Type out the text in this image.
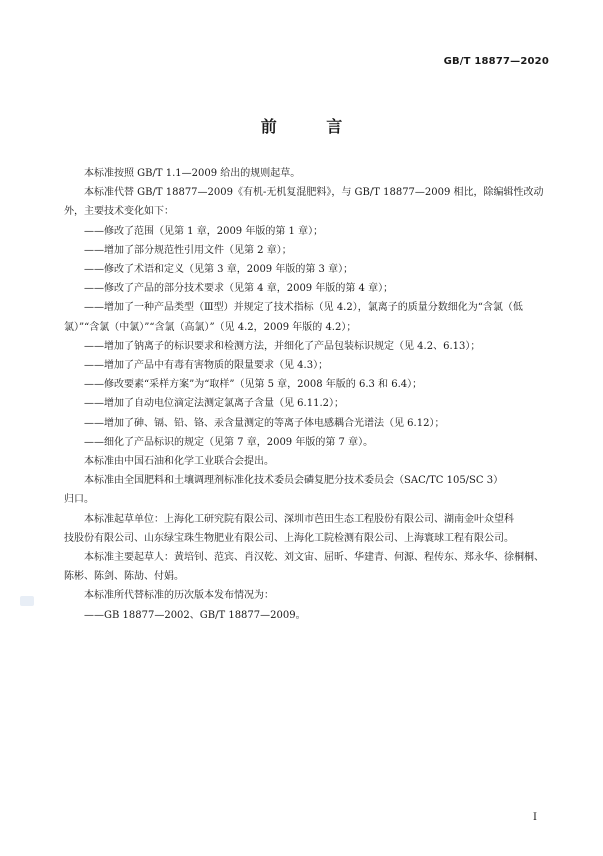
GB/T 18877—2020
前 言

本标准按照 GB/T 1.1—2009 给出的规则起草。

本标准代替 GB/T 18877—2009《有机-无机复混肥料》，与 GB/T 18877—2009 相比，除编辑性改动

外，主要技术变化如下：

——修改了范围（见第 1 章，2009 年版的第 1 章）；

——增加了部分规范性引用文件（见第 2 章）；

——修改了术语和定义（见第 3 章，2009 年版的第 3 章）；

——修改了产品的部分技术要求（见第 4 章，2009 年版的第 4 章）；

——增加了一种产品类型（Ⅲ型）并规定了技术指标（见 4.2），氯离子的质量分数细化为“含氯（低

氯）”“含氯（中氯）”“含氯（高氯）”（见 4.2，2009 年版的 4.2）；

——增加了钠离子的标识要求和检测方法，并细化了产品包装标识规定（见 4.2、6.13）；

——增加了产品中有毒有害物质的限量要求（见 4.3）；

——修改要素“采样方案”为“取样”（见第 5 章，2008 年版的 6.3 和 6.4）；

——增加了自动电位滴定法测定氯离子含量（见 6.11.2）；

——增加了砷、镉、铅、铬、汞含量测定的等离子体电感耦合光谱法（见 6.12）；

——细化了产品标识的规定（见第 7 章，2009 年版的第 7 章）。

本标准由中国石油和化学工业联合会提出。

本标准由全国肥料和土壤调理剂标准化技术委员会磷复肥分技术委员会（SAC/TC 105/SC 3）

归口。

本标准起草单位：上海化工研究院有限公司、深圳市芭田生态工程股份有限公司、湖南金叶众望科

技股份有限公司、山东绿宝珠生物肥业有限公司、上海化工院检测有限公司、上海寰球工程有限公司。

本标准主要起草人：黄培钊、范宾、肖汉乾、刘文宙、屈昕、华建青、何源、程传东、郑永华、徐桐桐、

陈彬、陈剑、陈劼、付娟。

本标准所代替标准的历次版本发布情况为：

——GB 18877—2002、GB/T 18877—2009。

I
